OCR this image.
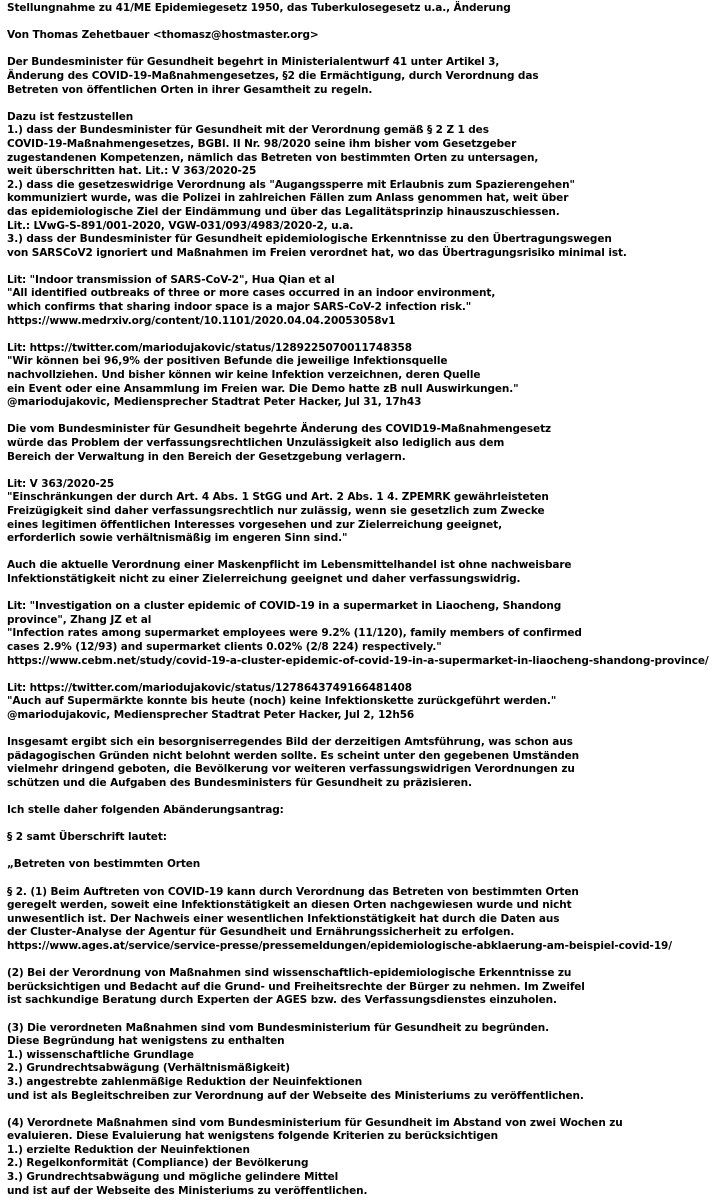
Stellungnahme zu 41/ME Epidemiegesetz 1950, das Tuberkulosegesetz u.a., Änderung
Von Thomas Zehetbauer <thomasz@hostmaster.org>
Der Bundesminister für Gesundheit begehrt in Ministerialentwurf 41 unter Artikel 3,
Änderung des COVID-19-Maßnahmengesetzes, §2 die Ermächtigung, durch Verordnung das
Betreten von öffentlichen Orten in ihrer Gesamtheit zu regeln.
Dazu ist festzustellen
1.) dass der Bundesminister für Gesundheit mit der Verordnung gemäß § 2 Z 1 des
COVID-19-Maßnahmengesetzes, BGBl. II Nr. 98/2020 seine ihm bisher vom Gesetzgeber
zugestandenen Kompetenzen, nämlich das Betreten von bestimmten Orten zu untersagen,
weit überschritten hat. Lit.: V 363/2020-25
2.) dass die gesetzeswidrige Verordnung als "Augangssperre mit Erlaubnis zum Spazierengehen"
kommuniziert wurde, was die Polizei in zahlreichen Fällen zum Anlass genommen hat, weit über
das epidemiologische Ziel der Eindämmung und über das Legalitätsprinzip hinauszuschiessen.
Lit.: LVwG-S-891/001-2020, VGW-031/093/4983/2020-2, u.a.
3.) dass der Bundesminister für Gesundheit epidemiologische Erkenntnisse zu den Übertragungswegen
von SARSCoV2 ignoriert und Maßnahmen im Freien verordnet hat, wo das Übertragungsrisiko minimal ist.
Lit: "Indoor transmission of SARS-CoV-2", Hua Qian et al
"All identified outbreaks of three or more cases occurred in an indoor environment,
which confirms that sharing indoor space is a major SARS-CoV-2 infection risk."
https://www.medrxiv.org/content/10.1101/2020.04.04.20053058v1
Lit: https://twitter.com/mariodujakovic/status/1289225070011748358
"Wir können bei 96,9% der positiven Befunde die jeweilige Infektionsquelle
nachvollziehen. Und bisher können wir keine Infektion verzeichnen, deren Quelle
ein Event oder eine Ansammlung im Freien war. Die Demo hatte zB null Auswirkungen."
@mariodujakovic, Mediensprecher Stadtrat Peter Hacker, Jul 31, 17h43
Die vom Bundesminister für Gesundheit begehrte Änderung des COVID19-Maßnahmengesetz
würde das Problem der verfassungsrechtlichen Unzulässigkeit also lediglich aus dem
Bereich der Verwaltung in den Bereich der Gesetzgebung verlagern.
Lit: V 363/2020-25
"Einschränkungen der durch Art. 4 Abs. 1 StGG und Art. 2 Abs. 1 4. ZPEMRK gewährleisteten
Freizügigkeit sind daher verfassungsrechtlich nur zulässig, wenn sie gesetzlich zum Zwecke
eines legitimen öffentlichen Interesses vorgesehen und zur Zielerreichung geeignet,
erforderlich sowie verhältnismäßig im engeren Sinn sind."
Auch die aktuelle Verordnung einer Maskenpflicht im Lebensmittelhandel ist ohne nachweisbare
Infektionstätigkeit nicht zu einer Zielerreichung geeignet und daher verfassungswidrig.
Lit: "Investigation on a cluster epidemic of COVID-19 in a supermarket in Liaocheng, Shandong
province", Zhang JZ et al
"Infection rates among supermarket employees were 9.2% (11/120), family members of confirmed
cases 2.9% (12/93) and supermarket clients 0.02% (2/8 224) respectively."
https://www.cebm.net/study/covid-19-a-cluster-epidemic-of-covid-19-in-a-supermarket-in-liaocheng-shandong-province/
Lit: https://twitter.com/mariodujakovic/status/1278643749166481408
"Auch auf Supermärkte konnte bis heute (noch) keine Infektionskette zurückgeführt werden."
@mariodujakovic, Mediensprecher Stadtrat Peter Hacker, Jul 2, 12h56
Insgesamt ergibt sich ein besorgniserregendes Bild der derzeitigen Amtsführung, was schon aus
pädagogischen Gründen nicht belohnt werden sollte. Es scheint unter den gegebenen Umständen
vielmehr dringend geboten, die Bevölkerung vor weiteren verfassungswidrigen Verordnungen zu
schützen und die Aufgaben des Bundesministers für Gesundheit zu präzisieren.
Ich stelle daher folgenden Abänderungsantrag:
§ 2 samt Überschrift lautet:
„Betreten von bestimmten Orten
§ 2. (1) Beim Auftreten von COVID-19 kann durch Verordnung das Betreten von bestimmten Orten
geregelt werden, soweit eine Infektionstätigkeit an diesen Orten nachgewiesen wurde und nicht
unwesentlich ist. Der Nachweis einer wesentlichen Infektionstätigkeit hat durch die Daten aus
der Cluster-Analyse der Agentur für Gesundheit und Ernährungssicherheit zu erfolgen.
https://www.ages.at/service/service-presse/pressemeldungen/epidemiologische-abklaerung-am-beispiel-covid-19/
(2) Bei der Verordnung von Maßnahmen sind wissenschaftlich-epidemiologische Erkenntnisse zu
berücksichtigen und Bedacht auf die Grund- und Freiheitsrechte der Bürger zu nehmen. Im Zweifel
ist sachkundige Beratung durch Experten der AGES bzw. des Verfassungsdienstes einzuholen.
(3) Die verordneten Maßnahmen sind vom Bundesministerium für Gesundheit zu begründen.
Diese Begründung hat wenigstens zu enthalten
1.) wissenschaftliche Grundlage
2.) Grundrechtsabwägung (Verhältnismäßigkeit)
3.) angestrebte zahlenmäßige Reduktion der Neuinfektionen
und ist als Begleitschreiben zur Verordnung auf der Webseite des Ministeriums zu veröffentlichen.
(4) Verordnete Maßnahmen sind vom Bundesministerium für Gesundheit im Abstand von zwei Wochen zu
evaluieren. Diese Evaluierung hat wenigstens folgende Kriterien zu berücksichtigen
1.) erzielte Reduktion der Neuinfektionen
2.) Regelkonformität (Compliance) der Bevölkerung
3.) Grundrechtsabwägung und mögliche gelindere Mittel
und ist auf der Webseite des Ministeriums zu veröffentlichen.
